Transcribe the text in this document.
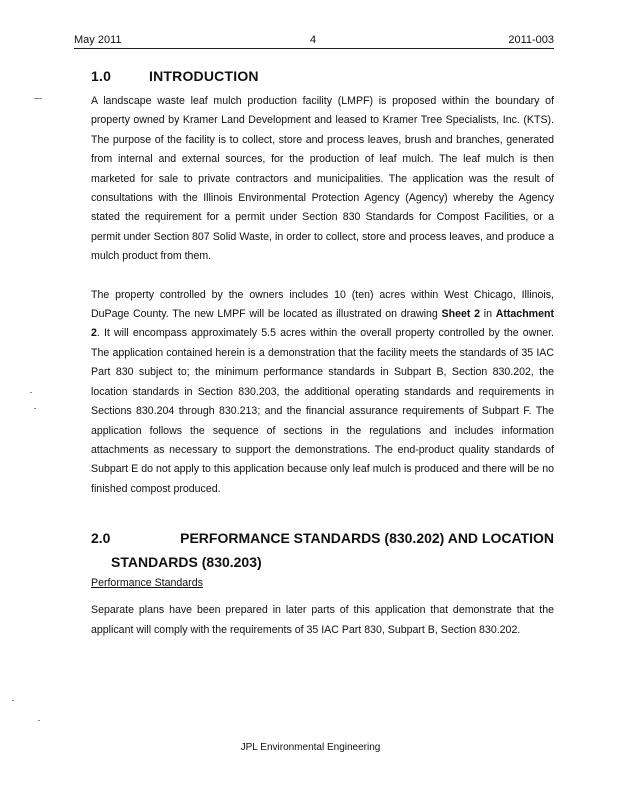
May 2011	4	2011-003
1.0	INTRODUCTION

A landscape waste leaf mulch production facility (LMPF) is proposed within the boundary of property owned by Kramer Land Development and leased to Kramer Tree Specialists, Inc. (KTS). The purpose of the facility is to collect, store and process leaves, brush and branches, generated from internal and external sources, for the production of leaf mulch. The leaf mulch is then marketed for sale to private contractors and municipalities. The application was the result of consultations with the Illinois Environmental Protection Agency (Agency) whereby the Agency stated the requirement for a permit under Section 830 Standards for Compost Facilities, or a permit under Section 807 Solid Waste, in order to collect, store and process leaves, and produce a mulch product from them.

The property controlled by the owners includes 10 (ten) acres within West Chicago, Illinois, DuPage County. The new LMPF will be located as illustrated on drawing Sheet 2 in Attachment 2. It will encompass approximately 5.5 acres within the overall property controlled by the owner. The application contained herein is a demonstration that the facility meets the standards of 35 IAC Part 830 subject to; the minimum performance standards in Subpart B, Section 830.202, the location standards in Section 830.203, the additional operating standards and requirements in Sections 830.204 through 830.213; and the financial assurance requirements of Subpart F. The application follows the sequence of sections in the regulations and includes information attachments as necessary to support the demonstrations. The end-product quality standards of Subpart E do not apply to this application because only leaf mulch is produced and there will be no finished compost produced.

2.0	PERFORMANCE STANDARDS (830.202) AND LOCATION
STANDARDS (830.203)
Performance Standards

Separate plans have been prepared in later parts of this application that demonstrate that the applicant will comply with the requirements of 35 IAC Part 830, Subpart B, Section 830.202.

JPL Environmental Engineering
